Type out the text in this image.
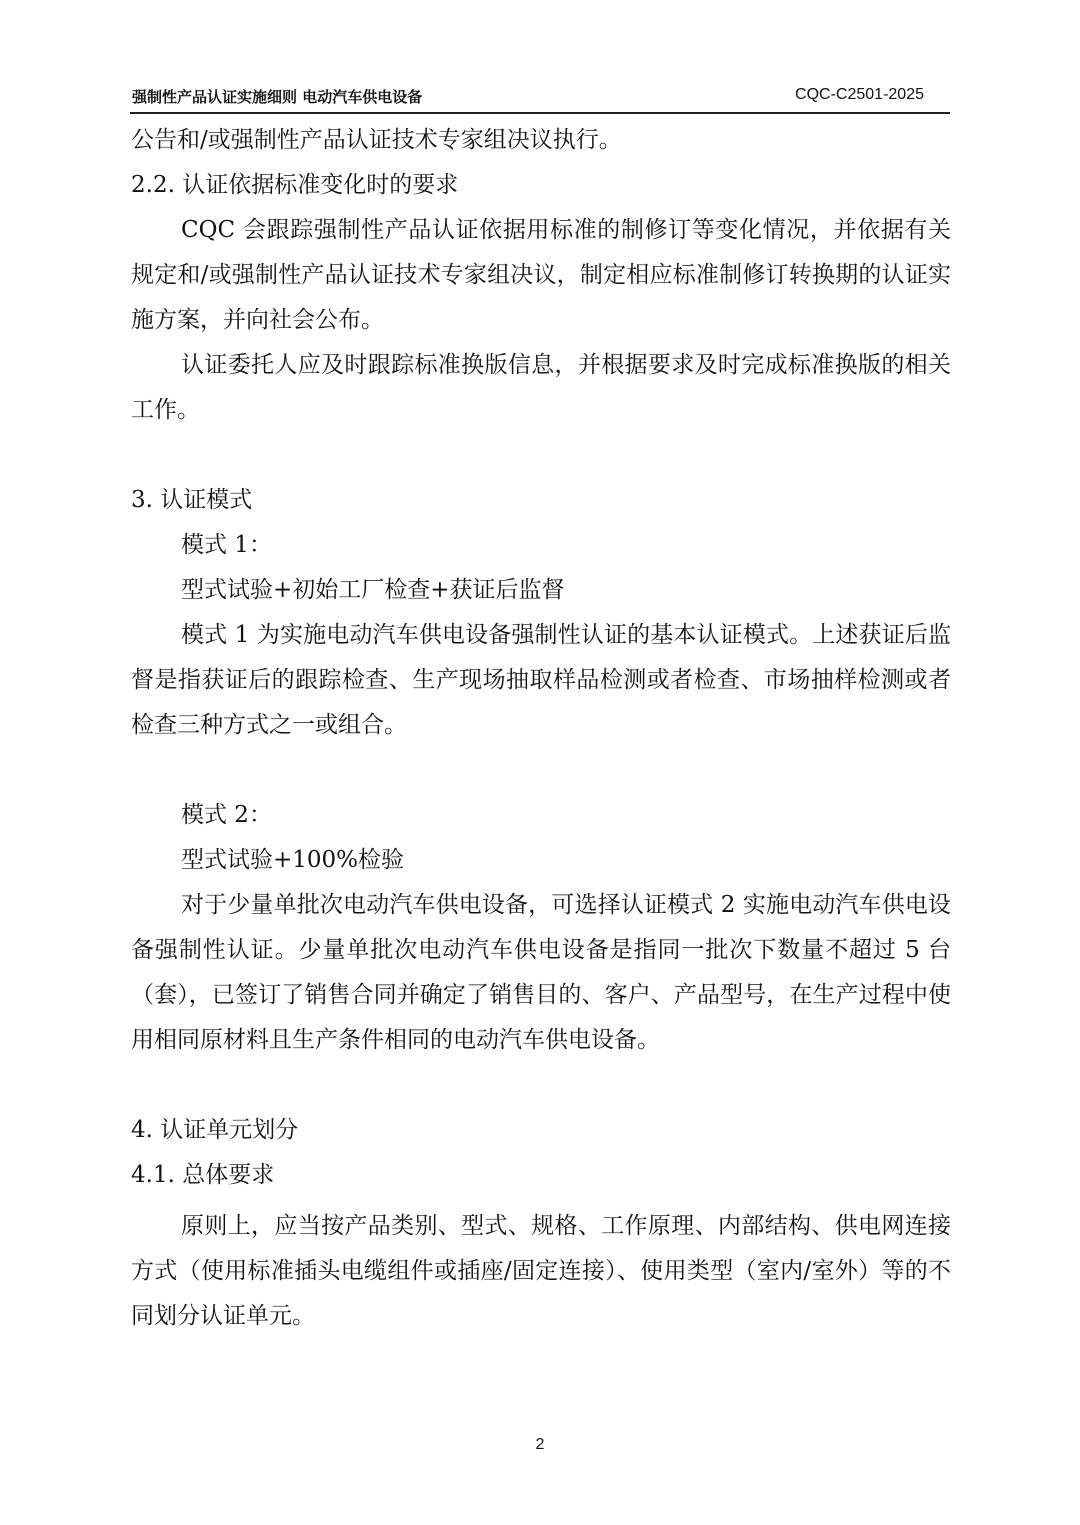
强制性产品认证实施细则 电动汽车供电设备	CQC-C2501-2025

公告和/或强制性产品认证技术专家组决议执行。

2.2. 认证依据标准变化时的要求

CQC 会跟踪强制性产品认证依据用标准的制修订等变化情况，并依据有关规定和/或强制性产品认证技术专家组决议，制定相应标准制修订转换期的认证实施方案，并向社会公布。

认证委托人应及时跟踪标准换版信息，并根据要求及时完成标准换版的相关工作。

3. 认证模式

模式 1：

型式试验+初始工厂检查+获证后监督

模式 1 为实施电动汽车供电设备强制性认证的基本认证模式。上述获证后监督是指获证后的跟踪检查、生产现场抽取样品检测或者检查、市场抽样检测或者检查三种方式之一或组合。

模式 2：

型式试验+100%检验

对于少量单批次电动汽车供电设备，可选择认证模式 2 实施电动汽车供电设备强制性认证。少量单批次电动汽车供电设备是指同一批次下数量不超过 5 台（套），已签订了销售合同并确定了销售目的、客户、产品型号，在生产过程中使用相同原材料且生产条件相同的电动汽车供电设备。

4. 认证单元划分

4.1. 总体要求

原则上，应当按产品类别、型式、规格、工作原理、内部结构、供电网连接方式（使用标准插头电缆组件或插座/固定连接）、使用类型（室内/室外）等的不同划分认证单元。

2
